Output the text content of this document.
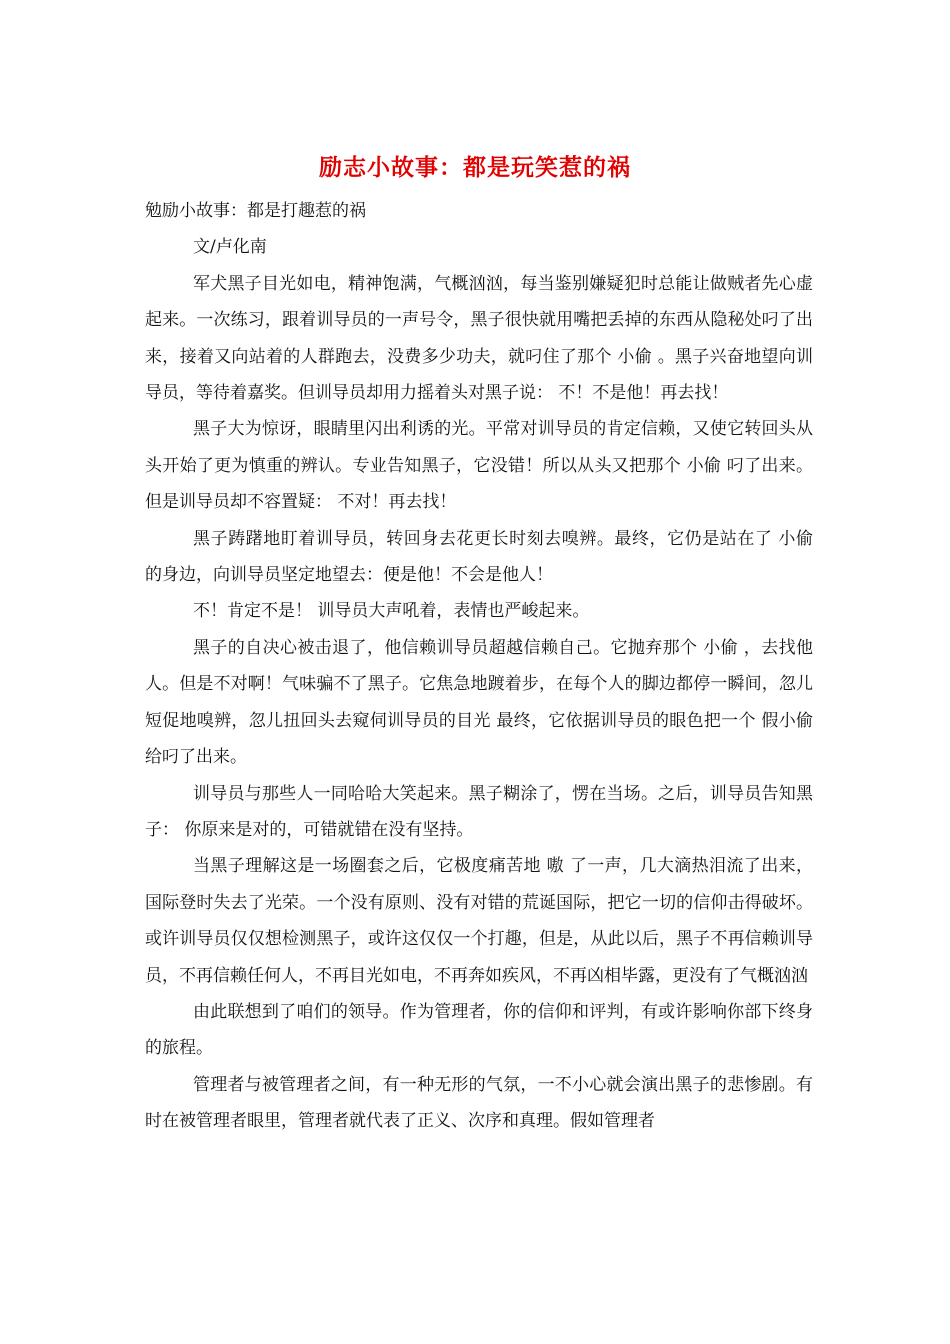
励志小故事：都是玩笑惹的祸

勉励小故事：都是打趣惹的祸

文/卢化南

军犬黑子目光如电，精神饱满，气概汹汹，每当鉴别嫌疑犯时总能让做贼者先心虚起来。一次练习，跟着训导员的一声号令，黑子很快就用嘴把丢掉的东西从隐秘处叼了出来，接着又向站着的人群跑去，没费多少功夫，就叼住了那个 小偷 。黑子兴奋地望向训导员，等待着嘉奖。但训导员却用力摇着头对黑子说： 不！不是他！再去找！

黑子大为惊讶，眼睛里闪出利诱的光。平常对训导员的肯定信赖，又使它转回头从头开始了更为慎重的辨认。专业告知黑子，它没错！所以从头又把那个 小偷 叼了出来。但是训导员却不容置疑： 不对！再去找！

黑子踌躇地盯着训导员，转回身去花更长时刻去嗅辨。最终，它仍是站在了 小偷 的身边，向训导员坚定地望去：便是他！不会是他人！

不！肯定不是！ 训导员大声吼着，表情也严峻起来。

黑子的自决心被击退了，他信赖训导员超越信赖自己。它抛弃那个 小偷 ，去找他人。但是不对啊！气味骗不了黑子。它焦急地踱着步，在每个人的脚边都停一瞬间，忽儿短促地嗅辨，忽儿扭回头去窥伺训导员的目光 最终，它依据训导员的眼色把一个 假小偷 给叼了出来。

训导员与那些人一同哈哈大笑起来。黑子糊涂了，愣在当场。之后，训导员告知黑子： 你原来是对的，可错就错在没有坚持。

当黑子理解这是一场圈套之后，它极度痛苦地 嗷 了一声，几大滴热泪流了出来，国际登时失去了光荣。一个没有原则、没有对错的荒诞国际，把它一切的信仰击得破坏。或许训导员仅仅想检测黑子，或许这仅仅一个打趣，但是，从此以后，黑子不再信赖训导员，不再信赖任何人，不再目光如电，不再奔如疾风，不再凶相毕露，更没有了气概汹汹

由此联想到了咱们的领导。作为管理者，你的信仰和评判，有或许影响你部下终身的旅程。

管理者与被管理者之间，有一种无形的气氛，一不小心就会演出黑子的悲惨剧。有时在被管理者眼里，管理者就代表了正义、次序和真理。假如管理者
